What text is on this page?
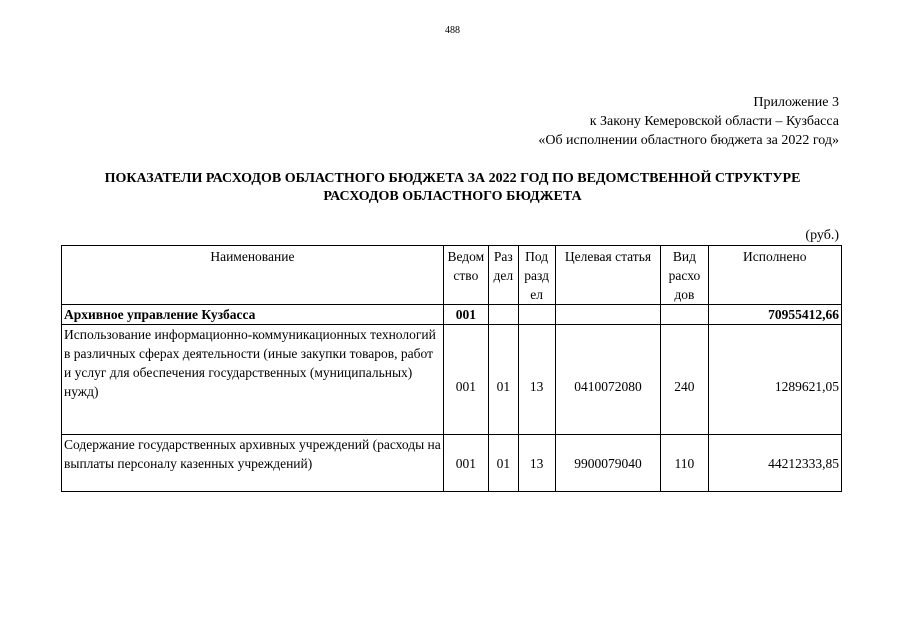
488
Приложение 3
к Закону Кемеровской области – Кузбасса
«Об исполнении областного бюджета за 2022 год»
ПОКАЗАТЕЛИ РАСХОДОВ ОБЛАСТНОГО БЮДЖЕТА ЗА 2022 ГОД ПО ВЕДОМСТВЕННОЙ СТРУКТУРЕ
РАСХОДОВ ОБЛАСТНОГО БЮДЖЕТА
(руб.)
Наименование	Ведом ство	Раз дел	Под разд ел	Целевая статья	Вид расхо дов	Исполнено
Архивное управление Кузбасса	001					70955412,66
Использование информационно-коммуникационных технологий в различных сферах деятельности (иные закупки товаров, работ и услуг для обеспечения государственных (муниципальных) нужд)	001	01	13	0410072080	240	1289621,05
Содержание государственных архивных учреждений (расходы на выплаты персоналу казенных учреждений)	001	01	13	9900079040	110	44212333,85
